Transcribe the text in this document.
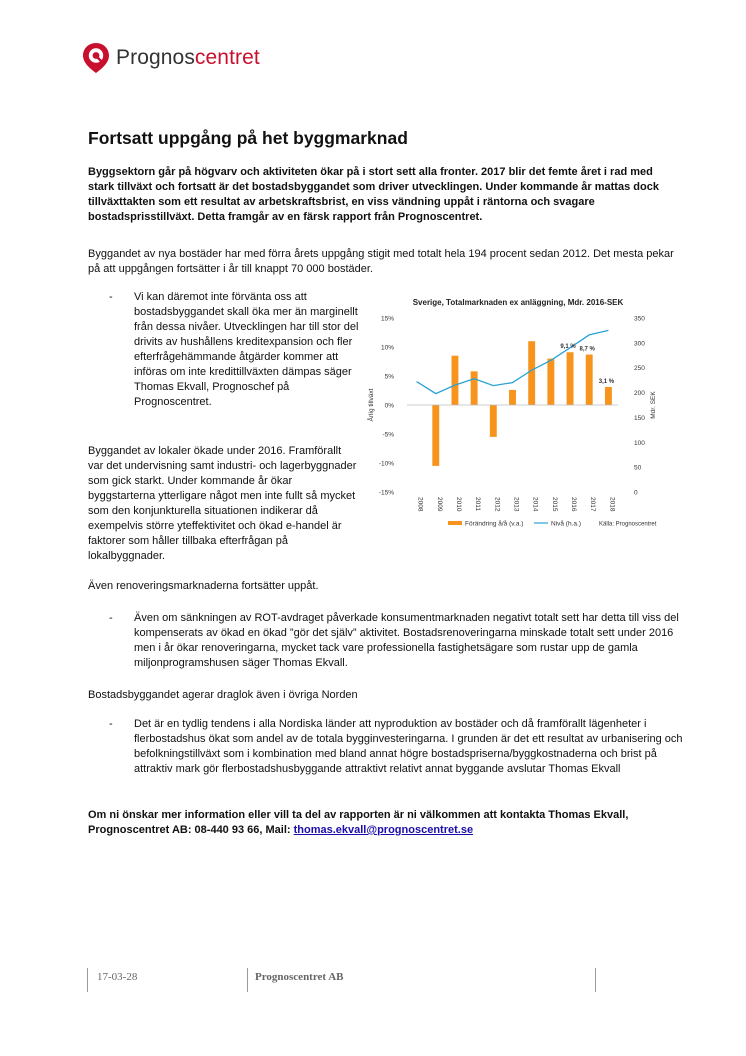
Prognoscentret
Fortsatt uppgång på het byggmarknad

Byggsektorn går på högvarv och aktiviteten ökar på i stort sett alla fronter. 2017 blir det femte året i rad med stark tillväxt och fortsatt är det bostadsbyggandet som driver utvecklingen. Under kommande år mattas dock tillväxttakten som ett resultat av arbetskraftsbrist, en viss vändning uppåt i räntorna och svagare bostadsprisstillväxt. Detta framgår av en färsk rapport från Prognoscentret.

Byggandet av nya bostäder har med förra årets uppgång stigit med totalt hela 194 procent sedan 2012. Det mesta pekar på att uppgången fortsätter i år till knappt 70 000 bostäder.

- Vi kan däremot inte förvänta oss att bostadsbyggandet skall öka mer än marginellt från dessa nivåer. Utvecklingen har till stor del drivits av hushållens kreditexpansion och fler efterfrågehämmande åtgärder kommer att införas om inte kredittillväxten dämpas säger Thomas Ekvall, Prognoschef på Prognoscentret.

Byggandet av lokaler ökade under 2016. Framförallt var det undervisning samt industri- och lagerbyggnader som gick starkt. Under kommande år ökar byggstarterna ytterligare något men inte fullt så mycket som den konjunkturella situationen indikerar då exempelvis större yteffektivitet och ökad e-handel är faktorer som håller tillbaka efterfrågan på lokalbyggnader.

Sverige, Totalmarknaden ex anläggning, Mdr. 2016-SEK
Årlig tillväxt	Mdr. SEK
-15%
-10%
-5%
0%
5%
10%
15%
0
50
100
150
200
250
300
350
9,1 % 8,7 %
3,1 %
2008 2009 2010 2011 2012 2013 2014 2015 2016 2017 2018
Förändring å/å (v.a.)	Nivå (h.a.)	Källa: Prognoscentret

Även renoveringsmarknaderna fortsätter uppåt.

- Även om sänkningen av ROT-avdraget påverkade konsumentmarknaden negativt totalt sett har detta till viss del kompenserats av ökad en ökad ”gör det själv” aktivitet. Bostadsrenoveringarna minskade totalt sett under 2016 men i år ökar renoveringarna, mycket tack vare professionella fastighetsägare som rustar upp de gamla miljonprogramshusen säger Thomas Ekvall.

Bostadsbyggandet agerar draglok även i övriga Norden

- Det är en tydlig tendens i alla Nordiska länder att nyproduktion av bostäder och då framförallt lägenheter i flerbostadshus ökat som andel av de totala bygginvesteringarna. I grunden är det ett resultat av urbanisering och befolkningstillväxt som i kombination med bland annat högre bostadspriserna/byggkostnaderna och brist på attraktiv mark gör flerbostadshusbyggande attraktivt relativt annat byggande avslutar Thomas Ekvall

Om ni önskar mer information eller vill ta del av rapporten är ni välkommen att kontakta Thomas Ekvall, Prognoscentret AB: 08-440 93 66, Mail: thomas.ekvall@prognoscentret.se

17-03-28	Prognoscentret AB
